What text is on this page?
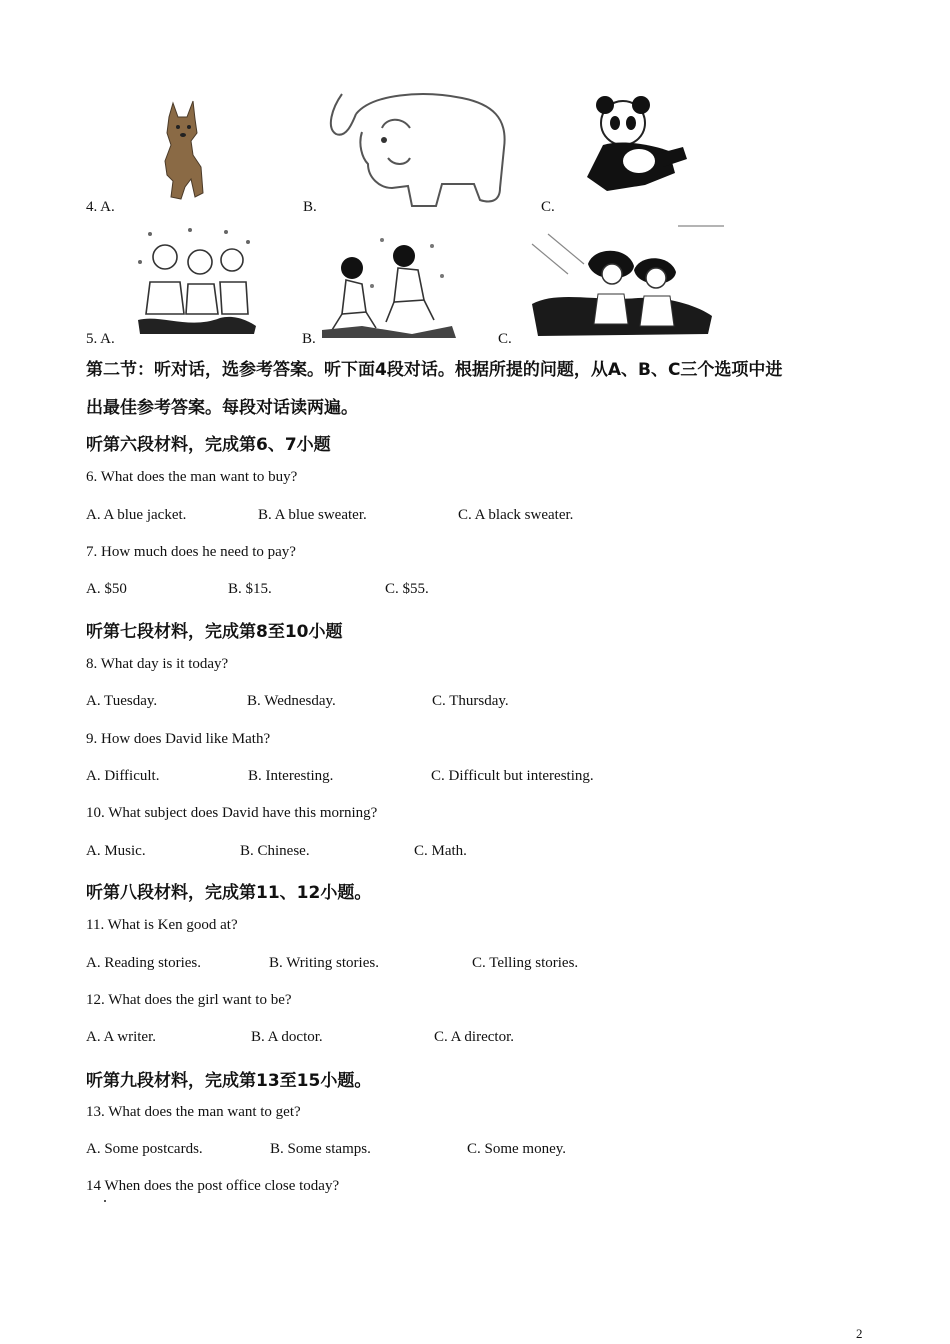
4. A.	B.	C.
5. A.	B.	C.
第二节：听对话，选参考答案。听下面4段对话。根据所提的问题，从A、B、C三个选项中进
出最佳参考答案。每段对话读两遍。
听第六段材料，完成第6、7小题
6. What does the man want to buy?
A. A blue jacket.	B. A blue sweater.	C. A black sweater.
7. How much does he need to pay?
A. $50	B. $15.	C. $55.
听第七段材料，完成第8至10小题
8. What day is it today?
A. Tuesday.	B. Wednesday.	C. Thursday.
9. How does David like Math?
A. Difficult.	B. Interesting.	C. Difficult but interesting.
10. What subject does David have this morning?
A. Music.	B. Chinese.	C. Math.
听第八段材料，完成第11、12小题。
11. What is Ken good at?
A. Reading stories.	B. Writing stories.	C. Telling stories.
12. What does the girl want to be?
A. A writer.	B. A doctor.	C. A director.
听第九段材料，完成第13至15小题。
13. What does the man want to get?
A. Some postcards.	B. Some stamps.	C. Some money.
14 When does the post office close today?
2
